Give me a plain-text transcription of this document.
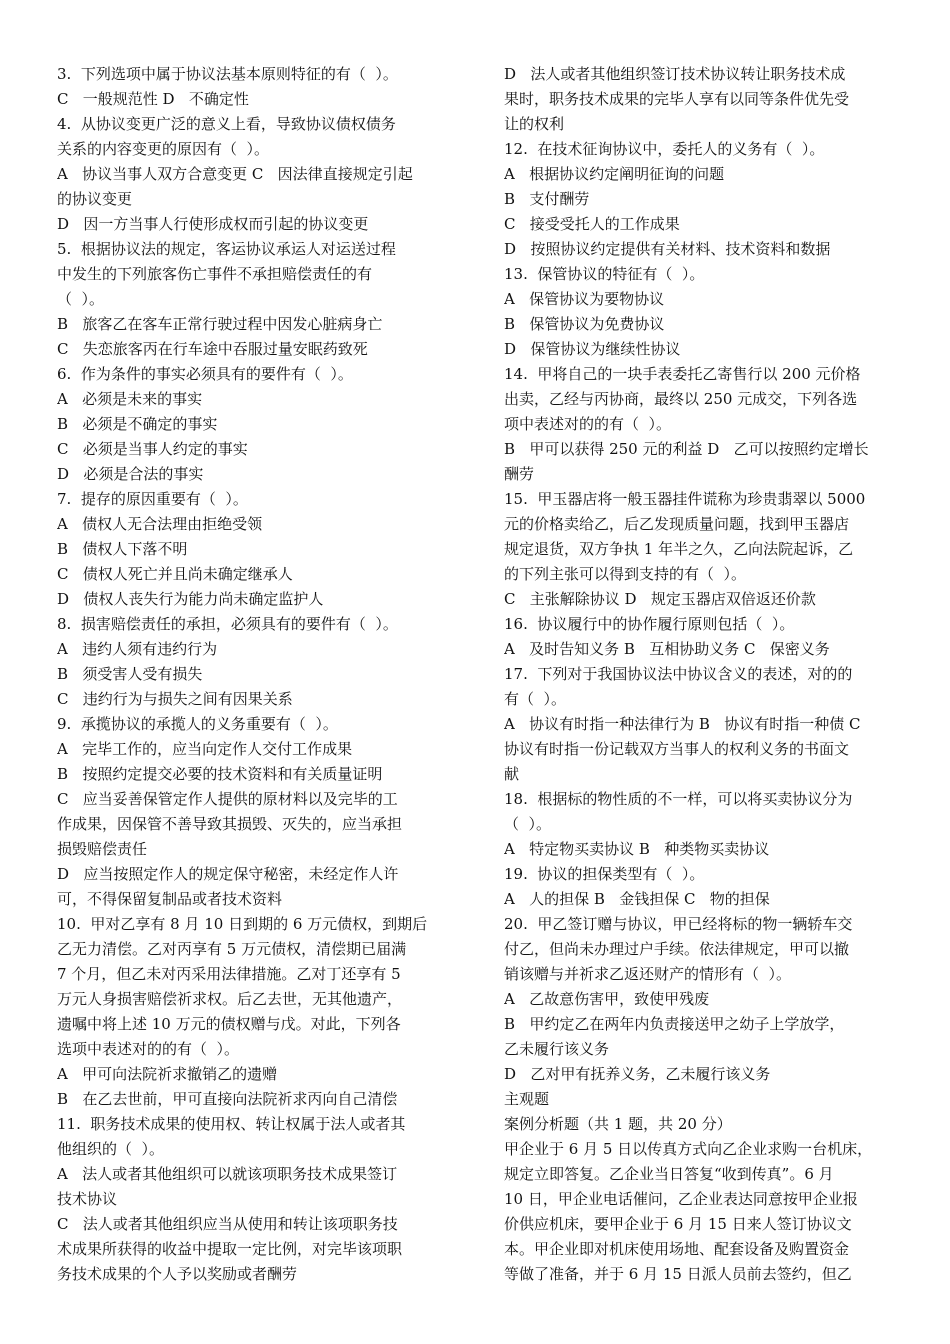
3.  下列选项中属于协议法基本原则特征的有（  ）。
C   一般规范性 D   不确定性
4.  从协议变更广泛的意义上看，导致协议债权债务
关系的内容变更的原因有（  ）。
A   协议当事人双方合意变更 C   因法律直接规定引起
的协议变更
D   因一方当事人行使形成权而引起的协议变更
5.  根据协议法的规定，客运协议承运人对运送过程
中发生的下列旅客伤亡事件不承担赔偿责任的有
（  ）。
B   旅客乙在客车正常行驶过程中因发心脏病身亡
C   失恋旅客丙在行车途中吞服过量安眠药致死
6.  作为条件的事实必须具有的要件有（  ）。
A   必须是未来的事实
B   必须是不确定的事实
C   必须是当事人约定的事实
D   必须是合法的事实
7.  提存的原因重要有（  ）。
A   债权人无合法理由拒绝受领
B   债权人下落不明
C   债权人死亡并且尚未确定继承人
D   债权人丧失行为能力尚未确定监护人
8.  损害赔偿责任的承担，必须具有的要件有（  ）。
A   违约人须有违约行为
B   须受害人受有损失
C   违约行为与损失之间有因果关系
9.  承揽协议的承揽人的义务重要有（  ）。
A   完毕工作的，应当向定作人交付工作成果
B   按照约定提交必要的技术资料和有关质量证明
C   应当妥善保管定作人提供的原材料以及完毕的工
作成果，因保管不善导致其损毁、灭失的，应当承担
损毁赔偿责任
D   应当按照定作人的规定保守秘密，未经定作人许
可，不得保留复制品或者技术资料
10.  甲对乙享有 8 月 10 日到期的 6 万元债权，到期后
乙无力清偿。乙对丙享有 5 万元债权，清偿期已届满
7 个月，但乙未对丙采用法律措施。乙对丁还享有 5
万元人身损害赔偿祈求权。后乙去世，无其他遗产，
遗嘱中将上述 10 万元的债权赠与戊。对此，下列各
选项中表述对的的有（  ）。
A   甲可向法院祈求撤销乙的遗赠
B   在乙去世前，甲可直接向法院祈求丙向自己清偿
11.  职务技术成果的使用权、转让权属于法人或者其
他组织的（  ）。
A   法人或者其他组织可以就该项职务技术成果签订
技术协议
C   法人或者其他组织应当从使用和转让该项职务技
术成果所获得的收益中提取一定比例，对完毕该项职
务技术成果的个人予以奖励或者酬劳
D   法人或者其他组织签订技术协议转让职务技术成
果时，职务技术成果的完毕人享有以同等条件优先受
让的权利
12.  在技术征询协议中，委托人的义务有（  ）。
A   根据协议约定阐明征询的问题
B   支付酬劳
C   接受受托人的工作成果
D   按照协议约定提供有关材料、技术资料和数据
13.  保管协议的特征有（  ）。
A   保管协议为要物协议
B   保管协议为免费协议
D   保管协议为继续性协议
14.  甲将自己的一块手表委托乙寄售行以 200 元价格
出卖，乙经与丙协商，最终以 250 元成交，下列各选
项中表述对的的有（  ）。
B   甲可以获得 250 元的利益 D   乙可以按照约定增长
酬劳
15.  甲玉器店将一般玉器挂件谎称为珍贵翡翠以 5000
元的价格卖给乙，后乙发现质量问题，找到甲玉器店
规定退货，双方争执 1 年半之久，乙向法院起诉，乙
的下列主张可以得到支持的有（  ）。
C   主张解除协议 D   规定玉器店双倍返还价款
16.  协议履行中的协作履行原则包括（  ）。
A   及时告知义务 B   互相协助义务 C   保密义务
17.  下列对于我国协议法中协议含义的表述，对的的
有（  ）。
A   协议有时指一种法律行为 B   协议有时指一种债 C
协议有时指一份记载双方当事人的权利义务的书面文
献
18.  根据标的物性质的不一样，可以将买卖协议分为
（  ）。
A   特定物买卖协议 B   种类物买卖协议
19.  协议的担保类型有（  ）。
A   人的担保 B   金钱担保 C   物的担保
20.  甲乙签订赠与协议，甲已经将标的物一辆轿车交
付乙，但尚未办理过户手续。依法律规定，甲可以撤
销该赠与并祈求乙返还财产的情形有（  ）。
A   乙故意伤害甲，致使甲残废
B   甲约定乙在两年内负责接送甲之幼子上学放学，
乙未履行该义务
D   乙对甲有抚养义务，乙未履行该义务
主观题
案例分析题（共 1 题，共 20 分）
甲企业于 6 月 5 日以传真方式向乙企业求购一台机床，
规定立即答复。乙企业当日答复“收到传真”。6 月
10 日，甲企业电话催问，乙企业表达同意按甲企业报
价供应机床，要甲企业于 6 月 15 日来人签订协议文
本。甲企业即对机床使用场地、配套设备及购置资金
等做了准备，并于 6 月 15 日派人员前去签约，但乙
